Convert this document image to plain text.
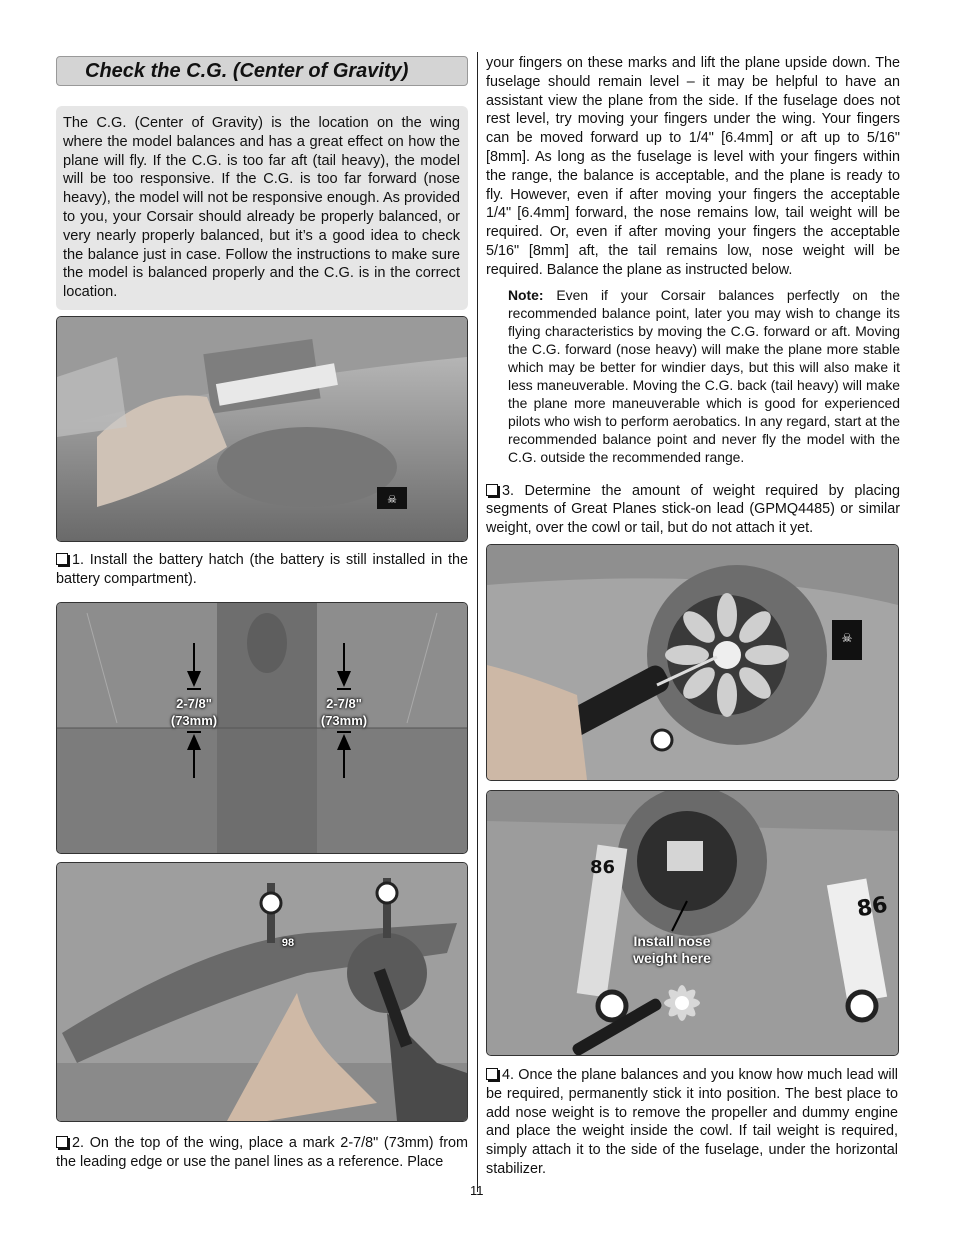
Check the C.G. (Center of Gravity)
The C.G. (Center of Gravity) is the location on the wing where the model balances and has a great effect on how the plane will fly. If the C.G. is too far aft (tail heavy), the model will be too responsive. If the C.G. is too far forward (nose heavy), the model will not be responsive enough. As provided to you, your Corsair should already be properly balanced, or very nearly properly balanced, but it’s a good idea to check the balance just in case. Follow the instructions to make sure the model is balanced properly and the C.G. is in the correct location.
☠
1. Install the battery hatch (the battery is still installed in the battery compartment).
2-7/8"
(73mm)
2-7/8"
(73mm)
98
2. On the top of the wing, place a mark 2-7/8" (73mm) from the leading edge or use the panel lines as a reference. Place
your fingers on these marks and lift the plane upside down. The fuselage should remain level – it may be helpful to have an assistant view the plane from the side. If the fuselage does not rest level, try moving your fingers under the wing. Your fingers can be moved forward up to 1/4" [6.4mm] or aft up to 5/16" [8mm]. As long as the fuselage is level with your fingers within the range, the balance is acceptable, and the plane is ready to fly. However, even if after moving your fingers the acceptable 1/4" [6.4mm] forward, the nose remains low, tail weight will be required. Or, even if after moving your fingers the acceptable 5/16" [8mm] aft, the tail remains low, nose weight will be required. Balance the plane as instructed below.
Note: Even if your Corsair balances perfectly on the recommended balance point, later you may wish to change its flying characteristics by moving the C.G. forward or aft. Moving the C.G. forward (nose heavy) will make the plane more stable which may be better for windier days, but this will also make it less maneuverable. Moving the C.G. back (tail heavy) will make the plane more maneuverable which is good for experienced pilots who wish to perform aerobatics. In any regard, start at the recommended balance point and never fly the model with the C.G. outside the recommended range.
3. Determine the amount of weight required by placing segments of Great Planes stick-on lead (GPMQ4485) or similar weight, over the cowl or tail, but do not attach it yet.
☠
Install nose
weight here
86
86
4. Once the plane balances and you know how much lead will be required, permanently stick it into position. The best place to add nose weight is to remove the propeller and dummy engine and place the weight inside the cowl. If tail weight is required, simply attach it to the side of the fuselage, under the horizontal stabilizer.
11
